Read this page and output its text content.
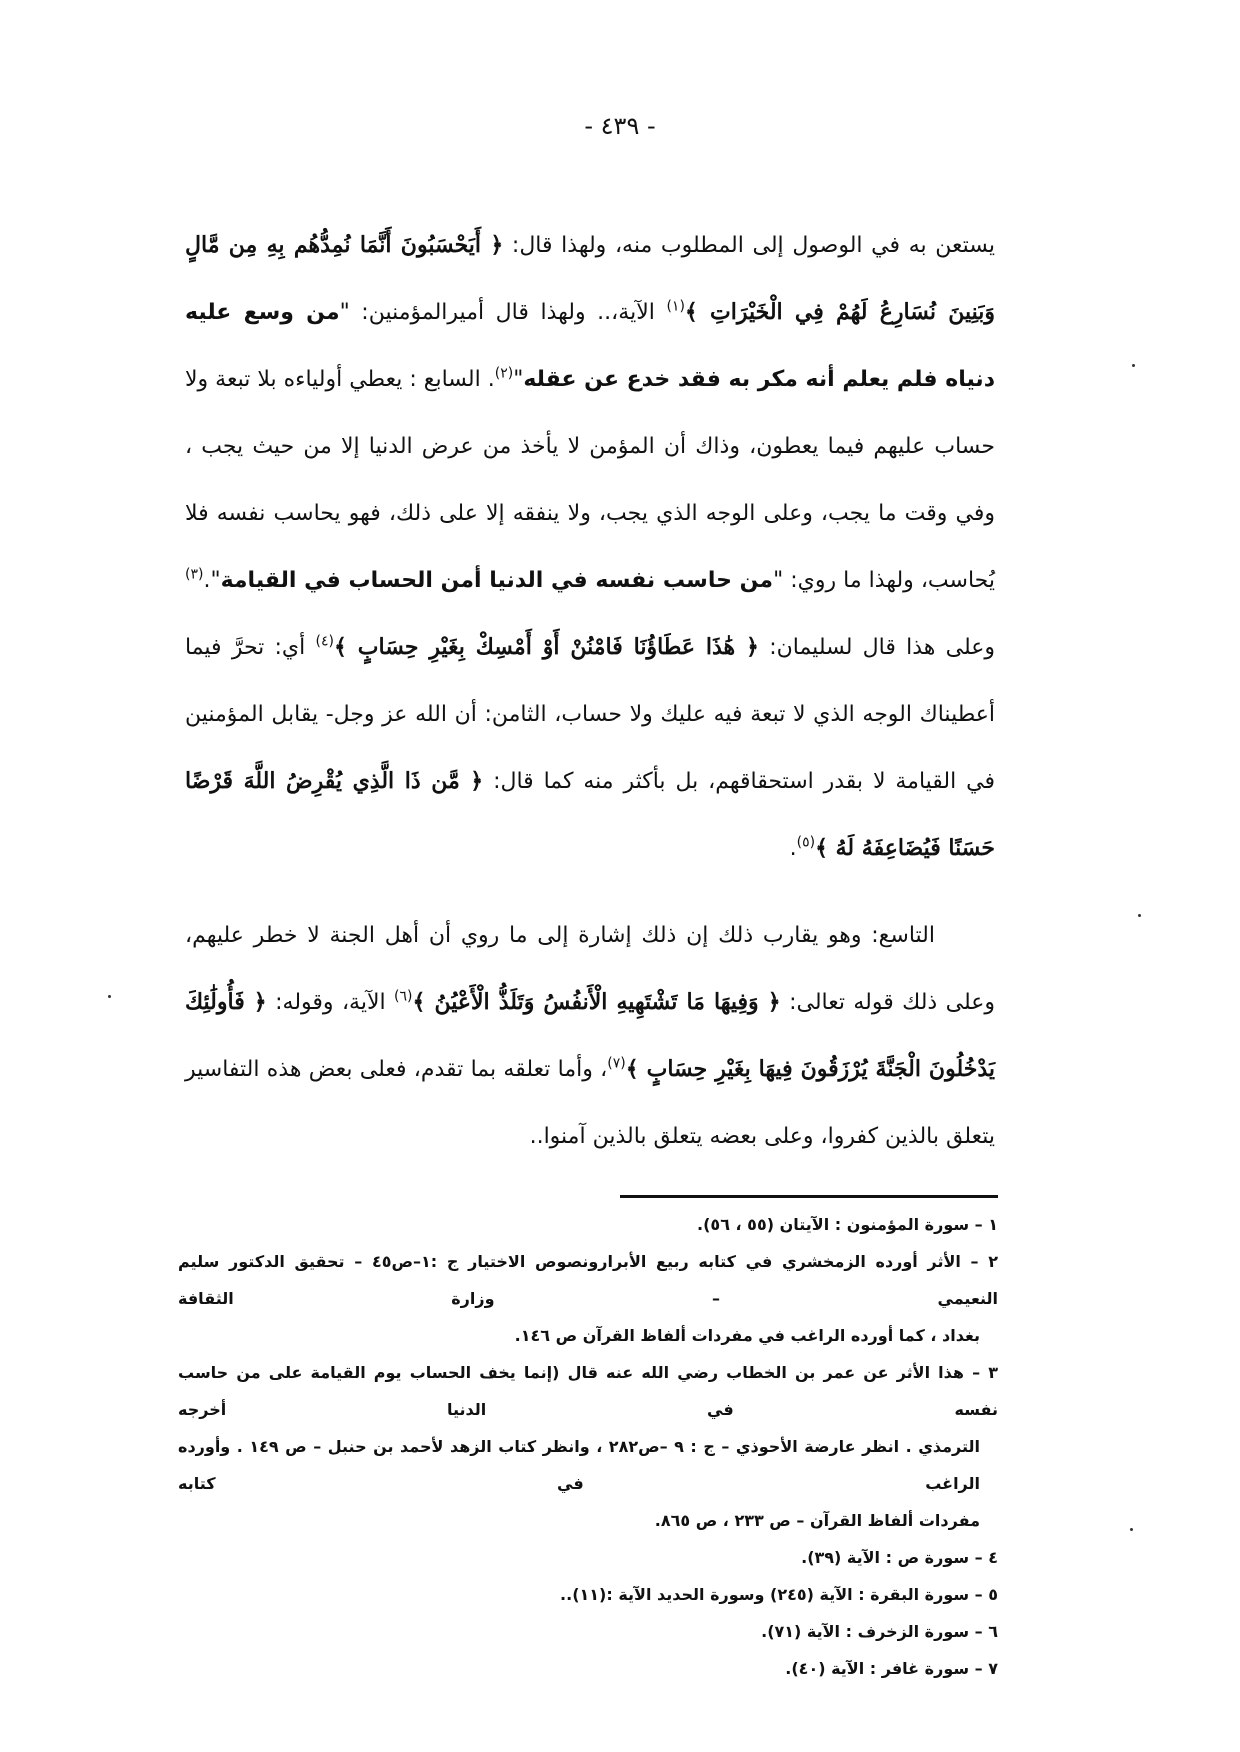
- ٤٣٩ -

يستعن به في الوصول إلى المطلوب منه، ولهذا قال: ﴿ أَيَحْسَبُونَ أَنَّمَا نُمِدُّهُم بِهِ مِن مَّالٍ وَبَنِينَ نُسَارِعُ لَهُمْ فِي الْخَيْرَاتِ ﴾$^{(١)}$ الآية،.. ولهذا قال أميرالمؤمنين: "من وسع عليه دنياه فلم يعلم أنه مكر به فقد خدع عن عقله"$^{(٢)}$. السابع : يعطي أولياءه بلا تبعة ولا حساب عليهم فيما يعطون، وذاك أن المؤمن لا يأخذ من عرض الدنيا إلا من حيث يجب ، وفي وقت ما يجب، وعلى الوجه الذي يجب، ولا ينفقه إلا على ذلك، فهو يحاسب نفسه فلا يُحاسب، ولهذا ما روي: "من حاسب نفسه في الدنيا أمن الحساب في القيامة".$^{(٣)}$ وعلى هذا قال لسليمان: ﴿ هَٰذَا عَطَاؤُنَا فَامْنُنْ أَوْ أَمْسِكْ بِغَيْرِ حِسَابٍ ﴾$^{(٤)}$ أي: تحرَّ فيما أعطيناك الوجه الذي لا تبعة فيه عليك ولا حساب، الثامن: أن الله عز وجل- يقابل المؤمنين في القيامة لا بقدر استحقاقهم، بل بأكثر منه كما قال: ﴿ مَّن ذَا الَّذِي يُقْرِضُ اللَّهَ قَرْضًا حَسَنًا فَيُضَاعِفَهُ لَهُ ﴾$^{(٥)}$.

التاسع: وهو يقارب ذلك إن ذلك إشارة إلى ما روي أن أهل الجنة لا خطر عليهم، وعلى ذلك قوله تعالى: ﴿ وَفِيهَا مَا تَشْتَهِيهِ الْأَنفُسُ وَتَلَذُّ الْأَعْيُنُ ﴾$^{(٦)}$ الآية، وقوله: ﴿ فَأُولَٰئِكَ يَدْخُلُونَ الْجَنَّةَ يُرْزَقُونَ فِيهَا بِغَيْرِ حِسَابٍ ﴾$^{(٧)}$، وأما تعلقه بما تقدم، فعلى بعض هذه التفاسير يتعلق بالذين كفروا، وعلى بعضه يتعلق بالذين آمنوا..

١ – سورة المؤمنون : الآيتان (٥٥ ، ٥٦).

٢ – الأثر أورده الزمخشري في كتابه ربيع الأبرارونصوص الاختيار ج :١–ص٤٥ – تحقيق الدكتور سليم النعيمي – وزارة الثقافة

بغداد ، كما أورده الراغب في مفردات ألفاظ القرآن ص ١٤٦.

٣ – هذا الأثر عن عمر بن الخطاب رضي الله عنه قال (إنما يخف الحساب يوم القيامة على من حاسب نفسه في الدنيا أخرجه

الترمذي . انظر عارضة الأحوذي – ج : ٩ –ص٢٨٢ ، وانظر كتاب الزهد لأحمد بن حنبل – ص ١٤٩ . وأورده الراغب في كتابه

مفردات ألفاظ القرآن – ص ٢٣٣ ، ص ٨٦٥.

٤ – سورة ص : الآية (٣٩).

٥ – سورة البقرة : الآية (٢٤٥) وسورة الحديد الآية :(١١)..

٦ – سورة الزخرف : الآية (٧١).

٧ – سورة غافر : الآية (٤٠).
